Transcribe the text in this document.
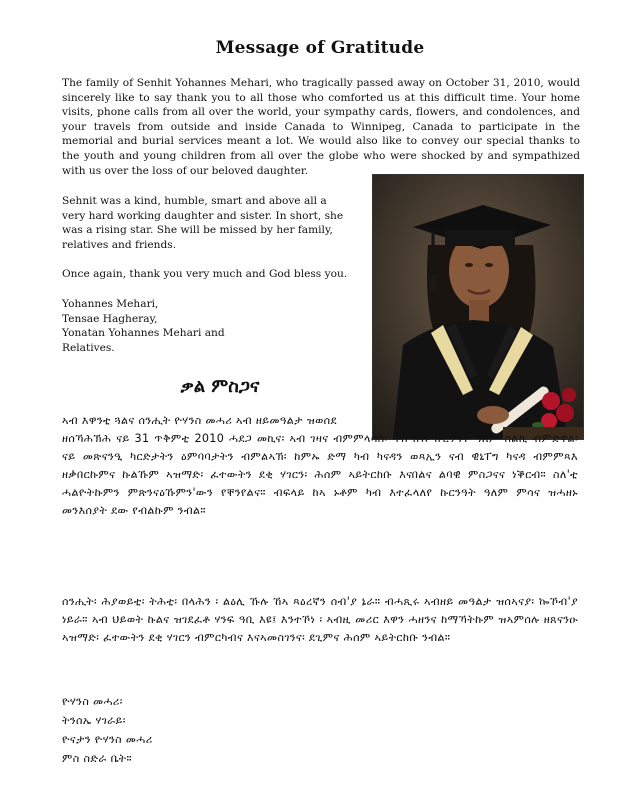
Message of Gratitude

The family of Senhit Yohannes Mehari, who tragically passed away on October 31, 2010, would sincerely like to say thank you to all those who comforted us at this difficult time. Your home visits, phone calls from all over the world, your sympathy cards, flowers, and condolences, and your travels from outside and inside Canada to Winnipeg, Canada to participate in the memorial and burial services meant a lot. We would also like to convey our special thanks to the youth and young children from all over the globe who were shocked by and sympathized with us over the loss of our beloved daughter.

Sehnit was a kind, humble, smart and above all a very hard working daughter and sister. In short, she was a rising star. She will be missed by her family, relatives and friends.

Once again, thank you very much and God bless you.

Yohannes Mehari,
Tensae Hagheray,
Yonatan Yohannes Mehari and
Relatives.

ቃል ምስጋና

ኣብ እዋንቲ ጓልና ሰንሒት ዮሃንስ መሓሪ ኣብ ዘይመዓልታ ዝወሰደ

ዘሰኻሕኽሕ ናይ 31 ጥቅምቲ 2010 ሓደጋ መኪና፡ ኣብ ገዛና ብምምላሳስ፡ ካብ ኩሉ ኩርንዓት ዓለም ስልኪ ብምድዋል፡ ናይ መጽናንዒ ካርድታትን ዕምባባታትን ብምልኣኽ፡ ከምኡ ድማ ካብ ካናዳን ወጻኢን ናብ ዊኒፐግ ካናዳ ብምምጻእ ዘቃበርኩምና ኩልኹም ኣዝማድ፡ ፈተውትን ደቂ ሃገርን፡ ሕሰም ኣይትርከቡ እናበልና ልባዊ ምስጋናና ነቕርብ። ስለ'ቲ ሓልዮትኩምን ምጽንናዕኹምን'ውን የቐንየልና። ብፍላይ ከኣ ኑቶም ካብ እተፈላለየ ኩርንዓት ዓለም ምሳና ዝሓዘኑ መንእሰያት ደው የብልኩም ንብል።

ሰንሒት፡ ሕያወይቲ፡ ትሕቲ፡ በላሕን ፡ ልዕሊ ኹሉ ኸኣ ጻዕረኛን ሰብ'ያ ኔራ። ብሓጺሩ ኣብዘይ መዓልታ ዝሰኣናያ፡ ኰኾብ'ያ ነይራ። ኣብ ህይወት ኩልና ዝገደፈቶ ሃንፍ ዓቢ እዩ፤ እንተኾነ ፡ ኣብዚ መሪር እዋን ሓዘንና ከማኻትኩም ዝኣምሰሉ ዘጸናንዑ ኣዝማድ፡ ፈተውትን ደቂ ሃገርን ብምርካብና እናኣመስገንና፡ ደጊምና ሕሰም ኣይትርከቡ ንብል።

ዮሃንስ መሓሪ፡
ትንሰኤ ሃገራይ፡
ዮናታን ዮሃንስ መሓሪ
ምስ ስድራ ቤት።
